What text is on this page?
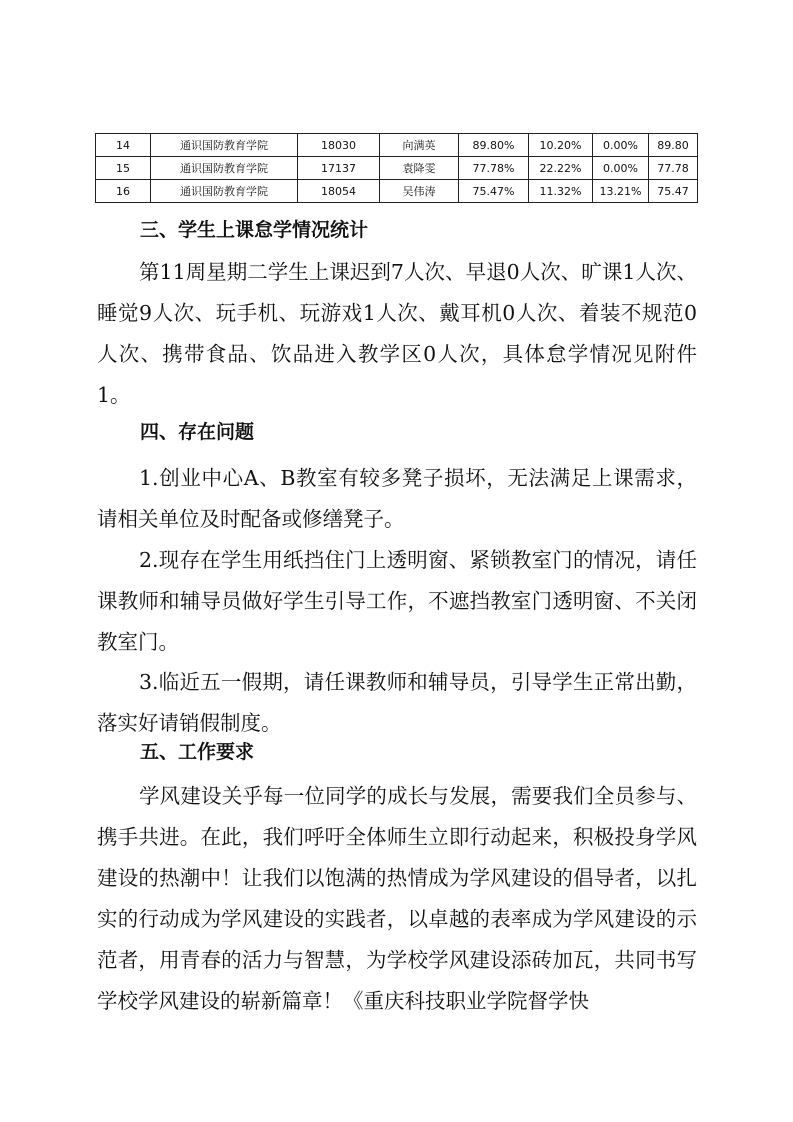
14	通识国防教育学院	18030	向满英	89.80%	10.20%	0.00%	89.80
15	通识国防教育学院	17137	袁降雯	77.78%	22.22%	0.00%	77.78
16	通识国防教育学院	18054	吴伟涛	75.47%	11.32%	13.21%	75.47
三、学生上课怠学情况统计

第11周星期二学生上课迟到7人次、早退0人次、旷课1人次、睡觉9人次、玩手机、玩游戏1人次、戴耳机0人次、着装不规范0人次、携带食品、饮品进入教学区0人次，具体怠学情况见附件1。

四、存在问题

1.创业中心A、B教室有较多凳子损坏，无法满足上课需求，请相关单位及时配备或修缮凳子。

2.现存在学生用纸挡住门上透明窗、紧锁教室门的情况，请任课教师和辅导员做好学生引导工作，不遮挡教室门透明窗、不关闭教室门。

3.临近五一假期，请任课教师和辅导员，引导学生正常出勤，落实好请销假制度。

五、工作要求

学风建设关乎每一位同学的成长与发展，需要我们全员参与、携手共进。在此，我们呼吁全体师生立即行动起来，积极投身学风建设的热潮中！让我们以饱满的热情成为学风建设的倡导者，以扎实的行动成为学风建设的实践者，以卓越的表率成为学风建设的示范者，用青春的活力与智慧，为学校学风建设添砖加瓦，共同书写学校学风建设的崭新篇章！《重庆科技职业学院督学快
